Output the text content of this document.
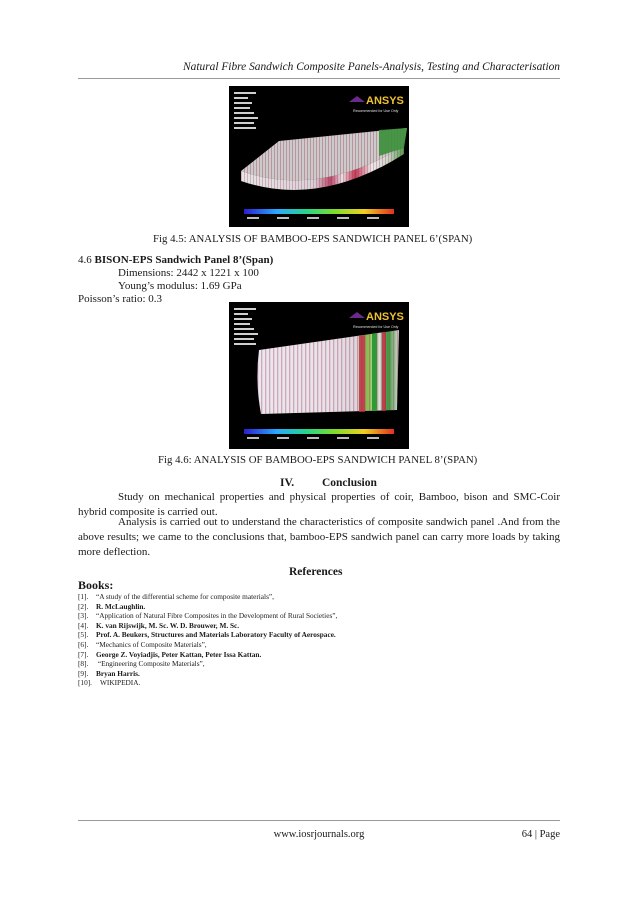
Natural Fibre Sandwich Composite Panels-Analysis, Testing and Characterisation
ANSYS
Recommended for Use Only
Fig 4.5: ANALYSIS OF BAMBOO-EPS SANDWICH PANEL 6’(SPAN)
4.6 BISON-EPS Sandwich Panel 8’(Span)
Dimensions: 2442 x 1221 x 100
Young’s modulus: 1.69 GPa
Poisson’s ratio: 0.3
ANSYS
Recommended for Use Only
Fig 4.6: ANALYSIS OF BAMBOO-EPS SANDWICH PANEL 8’(SPAN)
IV. Conclusion
Study on mechanical properties and physical properties of coir, Bamboo, bison and SMC-Coir hybrid composite is carried out.
Analysis is carried out to understand the characteristics of composite sandwich panel .And from the above results; we came to the conclusions that, bamboo-EPS sandwich panel can carry more loads by taking more deflection.
References
Books:
[1].	“A study of the differential scheme for composite materials”,
[2].	R. McLaughlin.
[3].	“Application of Natural Fibre Composites in the Development of Rural Societies”,
[4].	K. van Rijswijk, M. Sc. W. D. Brouwer, M. Sc.
[5].	Prof. A. Beukers, Structures and Materials Laboratory Faculty of Aerospace.
[6].	“Mechanics of Composite Materials”,
[7].	George Z. Voyiadjis, Peter Kattan, Peter Issa Kattan.
[8].	“Engineering Composite Materials”,
[9].	Bryan Harris.
[10].	WIKIPEDIA.
www.iosrjournals.org	64 | Page
